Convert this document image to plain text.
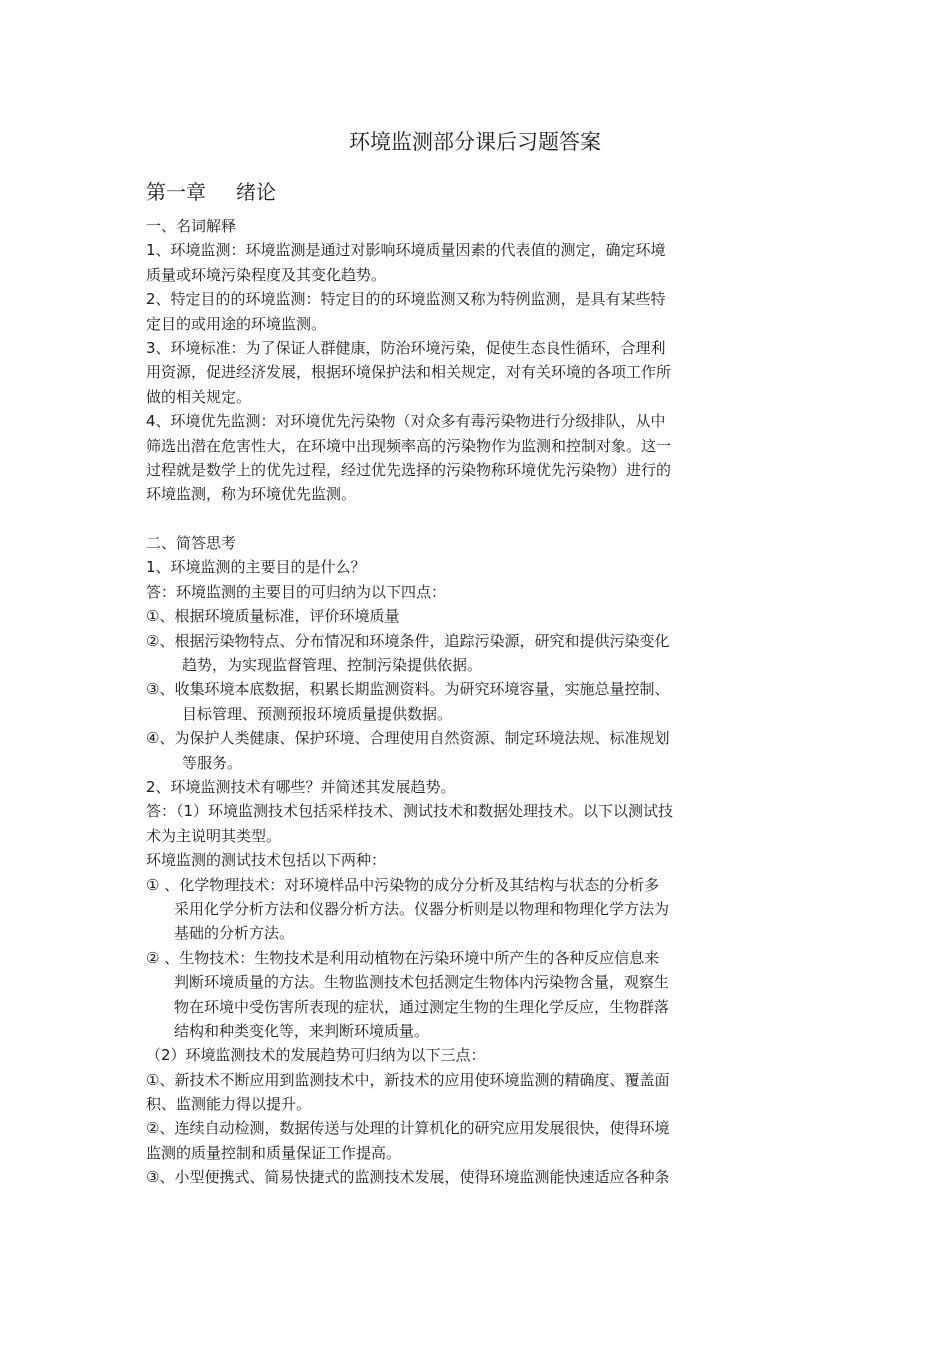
环境监测部分课后习题答案
第一章 绪论
一、名词解释
1、环境监测：环境监测是通过对影响环境质量因素的代表值的测定，确定环境
质量或环境污染程度及其变化趋势。
2、特定目的的环境监测：特定目的的环境监测又称为特例监测，是具有某些特
定目的或用途的环境监测。
3、环境标准：为了保证人群健康，防治环境污染，促使生态良性循环，合理利
用资源，促进经济发展，根据环境保护法和相关规定，对有关环境的各项工作所
做的相关规定。
4、环境优先监测：对环境优先污染物（对众多有毒污染物进行分级排队，从中
筛选出潜在危害性大，在环境中出现频率高的污染物作为监测和控制对象。这一
过程就是数学上的优先过程，经过优先选择的污染物称环境优先污染物）进行的
环境监测，称为环境优先监测。
二、简答思考
1、环境监测的主要目的是什么？
答：环境监测的主要目的可归纳为以下四点：
①、根据环境质量标准，评价环境质量
②、根据污染物特点、分布情况和环境条件，追踪污染源，研究和提供污染变化
趋势，为实现监督管理、控制污染提供依据。
③、收集环境本底数据，积累长期监测资料。为研究环境容量，实施总量控制、
目标管理、预测预报环境质量提供数据。
④、为保护人类健康、保护环境、合理使用自然资源、制定环境法规、标准规划
等服务。
2、环境监测技术有哪些？并简述其发展趋势。
答：（1）环境监测技术包括采样技术、测试技术和数据处理技术。以下以测试技
术为主说明其类型。
环境监测的测试技术包括以下两种：
① 、化学物理技术：对环境样品中污染物的成分分析及其结构与状态的分析多
采用化学分析方法和仪器分析方法。仪器分析则是以物理和物理化学方法为
基础的分析方法。
② 、生物技术：生物技术是利用动植物在污染环境中所产生的各种反应信息来
判断环境质量的方法。生物监测技术包括测定生物体内污染物含量，观察生
物在环境中受伤害所表现的症状，通过测定生物的生理化学反应，生物群落
结构和种类变化等，来判断环境质量。
（2）环境监测技术的发展趋势可归纳为以下三点：
①、新技术不断应用到监测技术中，新技术的应用使环境监测的精确度、覆盖面
积、监测能力得以提升。
②、连续自动检测，数据传送与处理的计算机化的研究应用发展很快，使得环境
监测的质量控制和质量保证工作提高。
③、小型便携式、简易快捷式的监测技术发展，使得环境监测能快速适应各种条
